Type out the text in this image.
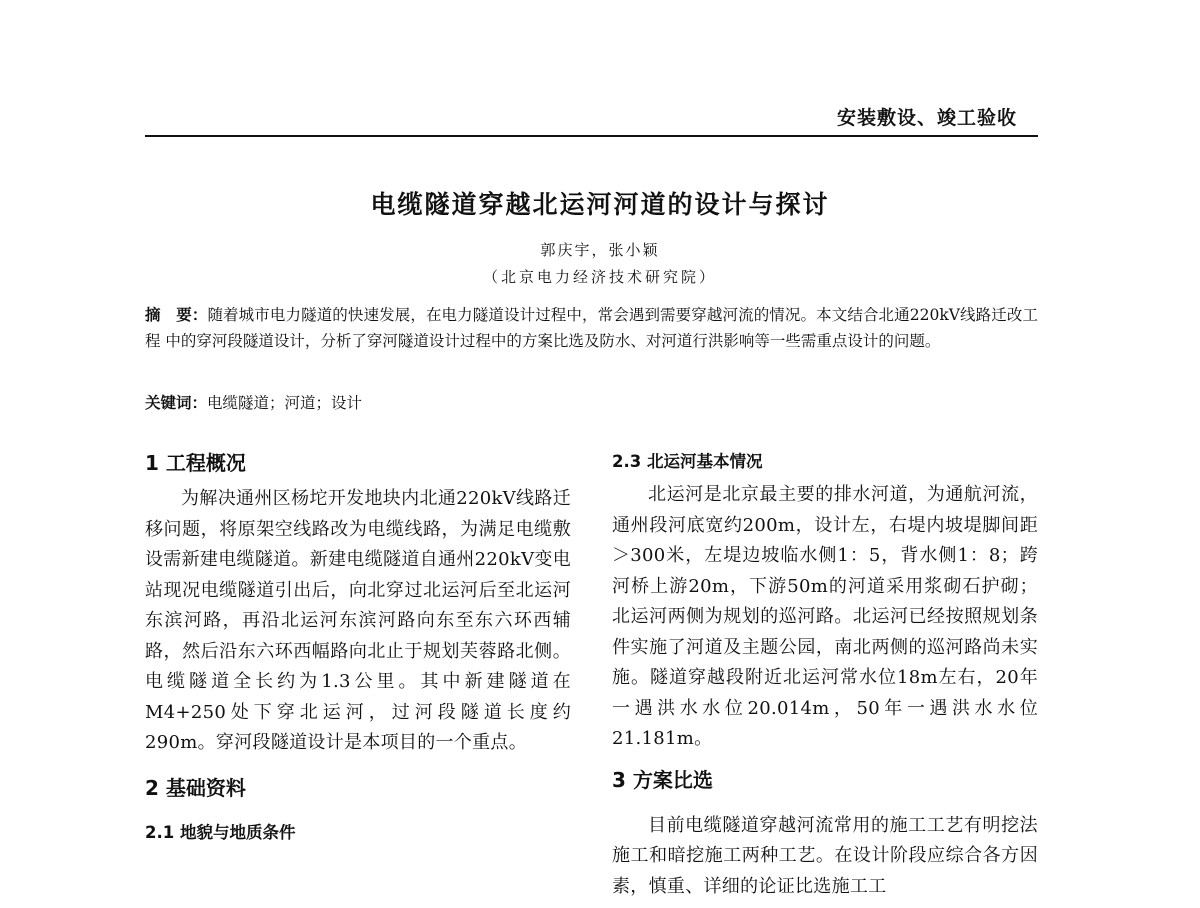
安装敷设、竣工验收
电缆隧道穿越北运河河道的设计与探讨
郭庆宇，张小颖
（北京电力经济技术研究院）
摘　要：随着城市电力隧道的快速发展，在电力隧道设计过程中，常会遇到需要穿越河流的情况。本文结合北通220kV线路迁改工程 中的穿河段隧道设计，分析了穿河隧道设计过程中的方案比选及防水、对河道行洪影响等一些需重点设计的问题。
关键词：电缆隧道；河道；设计
1 工程概况
为解决通州区杨坨开发地块内北通220kV线路迁移问题，将原架空线路改为电缆线路，为满足电缆敷设需新建电缆隧道。新建电缆隧道自通州220kV变电站现况电缆隧道引出后，向北穿过北运河后至北运河东滨河路，再沿北运河东滨河路向东至东六环西辅路，然后沿东六环西幅路向北止于规划芙蓉路北侧。电缆隧道全长约为1.3公里。其中新建隧道在M4+250处下穿北运河，过河段隧道长度约290m。穿河段隧道设计是本项目的一个重点。
2 基础资料
2.1 地貌与地质条件
2.3 北运河基本情况
北运河是北京最主要的排水河道，为通航河流，通州段河底宽约200m，设计左，右堤内坡堤脚间距＞300米，左堤边坡临水侧1：5，背水侧1：8；跨河桥上游20m，下游50m的河道采用浆砌石护砌；北运河两侧为规划的巡河路。北运河已经按照规划条件实施了河道及主题公园，南北两侧的巡河路尚未实施。隧道穿越段附近北运河常水位18m左右，20年一遇洪水水位20.014m，50年一遇洪水水位21.181m。
3 方案比选
目前电缆隧道穿越河流常用的施工工艺有明挖法施工和暗挖施工两种工艺。在设计阶段应综合各方因素，慎重、详细的论证比选施工工
